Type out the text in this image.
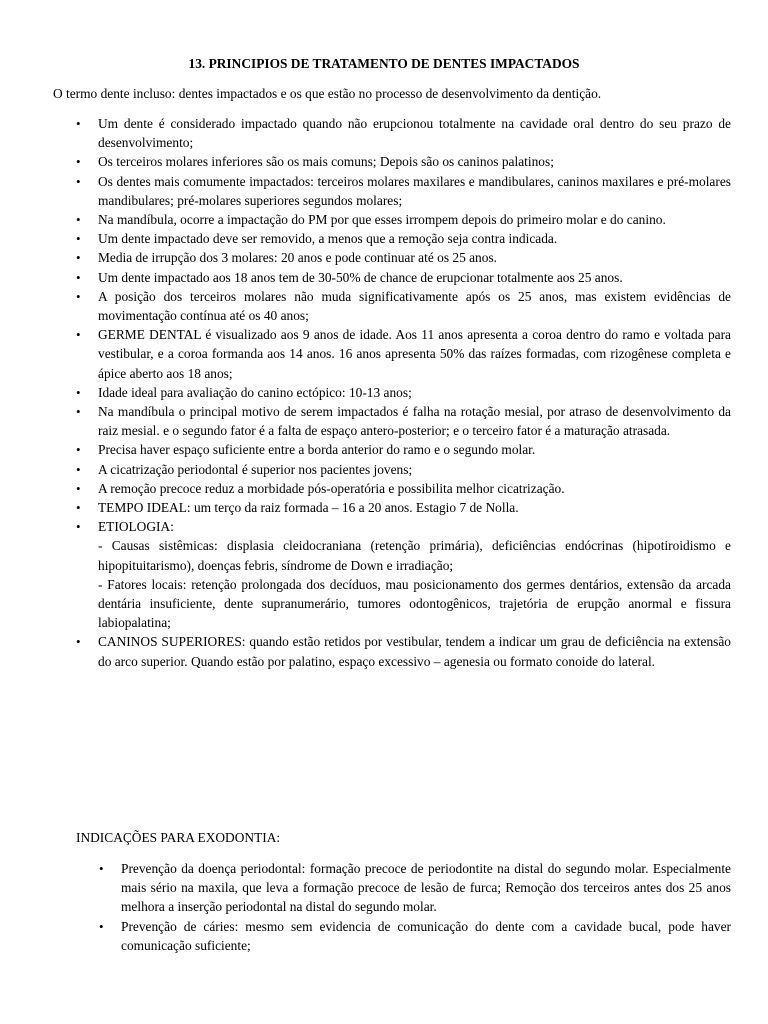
13. PRINCIPIOS DE TRATAMENTO DE DENTES IMPACTADOS
O termo dente incluso: dentes impactados e os que estão no processo de desenvolvimento da dentição.
•	Um dente é considerado impactado quando não erupcionou totalmente na cavidade oral dentro do seu prazo de desenvolvimento;
•	Os terceiros molares inferiores são os mais comuns; Depois são os caninos palatinos;
•	Os dentes mais comumente impactados: terceiros molares maxilares e mandibulares, caninos maxilares e pré-molares mandibulares; pré-molares superiores segundos molares;
•	Na mandíbula, ocorre a impactação do PM por que esses irrompem depois do primeiro molar e do canino.
•	Um dente impactado deve ser removido, a menos que a remoção seja contra indicada.
•	Media de irrupção dos 3 molares: 20 anos e pode continuar até os 25 anos.
•	Um dente impactado aos 18 anos tem de 30-50% de chance de erupcionar totalmente aos 25 anos.
•	A posição dos terceiros molares não muda significativamente após os 25 anos, mas existem evidências de movimentação contínua até os 40 anos;
•	GERME DENTAL é visualizado aos 9 anos de idade. Aos 11 anos apresenta a coroa dentro do ramo e voltada para vestibular, e a coroa formanda aos 14 anos. 16 anos apresenta 50% das raízes formadas, com rizogênese completa e ápice aberto aos 18 anos;
•	Idade ideal para avaliação do canino ectópico: 10-13 anos;
•	Na mandíbula o principal motivo de serem impactados é falha na rotação mesial, por atraso de desenvolvimento da raiz mesial. e o segundo fator é a falta de espaço antero-posterior; e o terceiro fator é a maturação atrasada.
•	Precisa haver espaço suficiente entre a borda anterior do ramo e o segundo molar.
•	A cicatrização periodontal é superior nos pacientes jovens;
•	A remoção precoce reduz a morbidade pós-operatória e possibilita melhor cicatrização.
•	TEMPO IDEAL: um terço da raiz formada – 16 a 20 anos. Estagio 7 de Nolla.
•	ETIOLOGIA:
- Causas sistêmicas: displasia cleidocraniana (retenção primária), deficiências endócrinas (hipotiroidismo e hipopituitarismo), doenças febris, síndrome de Down e irradiação;
- Fatores locais: retenção prolongada dos decíduos, mau posicionamento dos germes dentários, extensão da arcada dentária insuficiente, dente supranumerário, tumores odontogênicos, trajetória de erupção anormal e fissura labiopalatina;
•	CANINOS SUPERIORES: quando estão retidos por vestibular, tendem a indicar um grau de deficiência na extensão do arco superior. Quando estão por palatino, espaço excessivo – agenesia ou formato conoide do lateral.
INDICAÇÕES PARA EXODONTIA:
•	Prevenção da doença periodontal: formação precoce de periodontite na distal do segundo molar. Especialmente mais sério na maxila, que leva a formação precoce de lesão de furca; Remoção dos terceiros antes dos 25 anos melhora a inserção periodontal na distal do segundo molar.
•	Prevenção de cáries: mesmo sem evidencia de comunicação do dente com a cavidade bucal, pode haver comunicação suficiente;
